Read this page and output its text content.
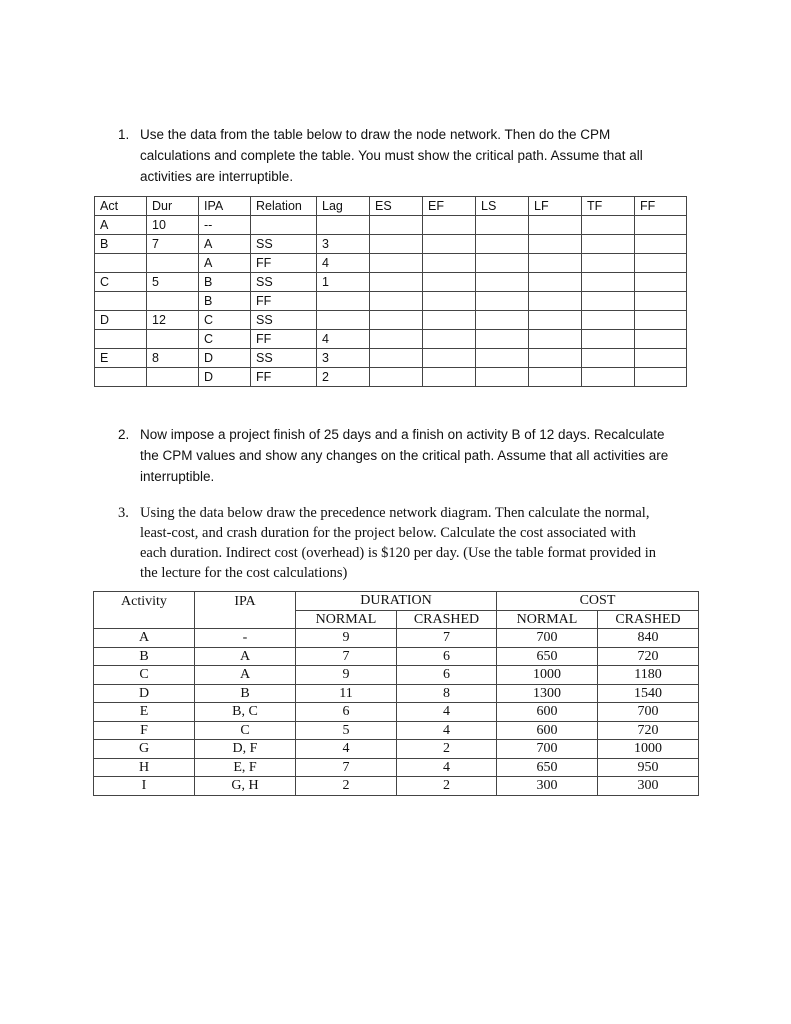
1. Use the data from the table below to draw the node network. Then do the CPM
calculations and complete the table. You must show the critical path. Assume that all
activities are interruptible.
Act	Dur	IPA	Relation	Lag	ES	EF	LS	LF	TF	FF
A	10	--								
B	7	A	SS	3						
		A	FF	4						
C	5	B	SS	1						
		B	FF							
D	12	C	SS							
		C	FF	4						
E	8	D	SS	3						
		D	FF	2						
2. Now impose a project finish of 25 days and a finish on activity B of 12 days. Recalculate
the CPM values and show any changes on the critical path. Assume that all activities are
interruptible.
3. Using the data below draw the precedence network diagram. Then calculate the normal,
least-cost, and crash duration for the project below. Calculate the cost associated with
each duration. Indirect cost (overhead) is $120 per day. (Use the table format provided in
the lecture for the cost calculations)
Activity	IPA	DURATION		COST	
		NORMAL	CRASHED	NORMAL	CRASHED
A	-	9	7	700	840
B	A	7	6	650	720
C	A	9	6	1000	1180
D	B	11	8	1300	1540
E	B, C	6	4	600	700
F	C	5	4	600	720
G	D, F	4	2	700	1000
H	E, F	7	4	650	950
I	G, H	2	2	300	300
